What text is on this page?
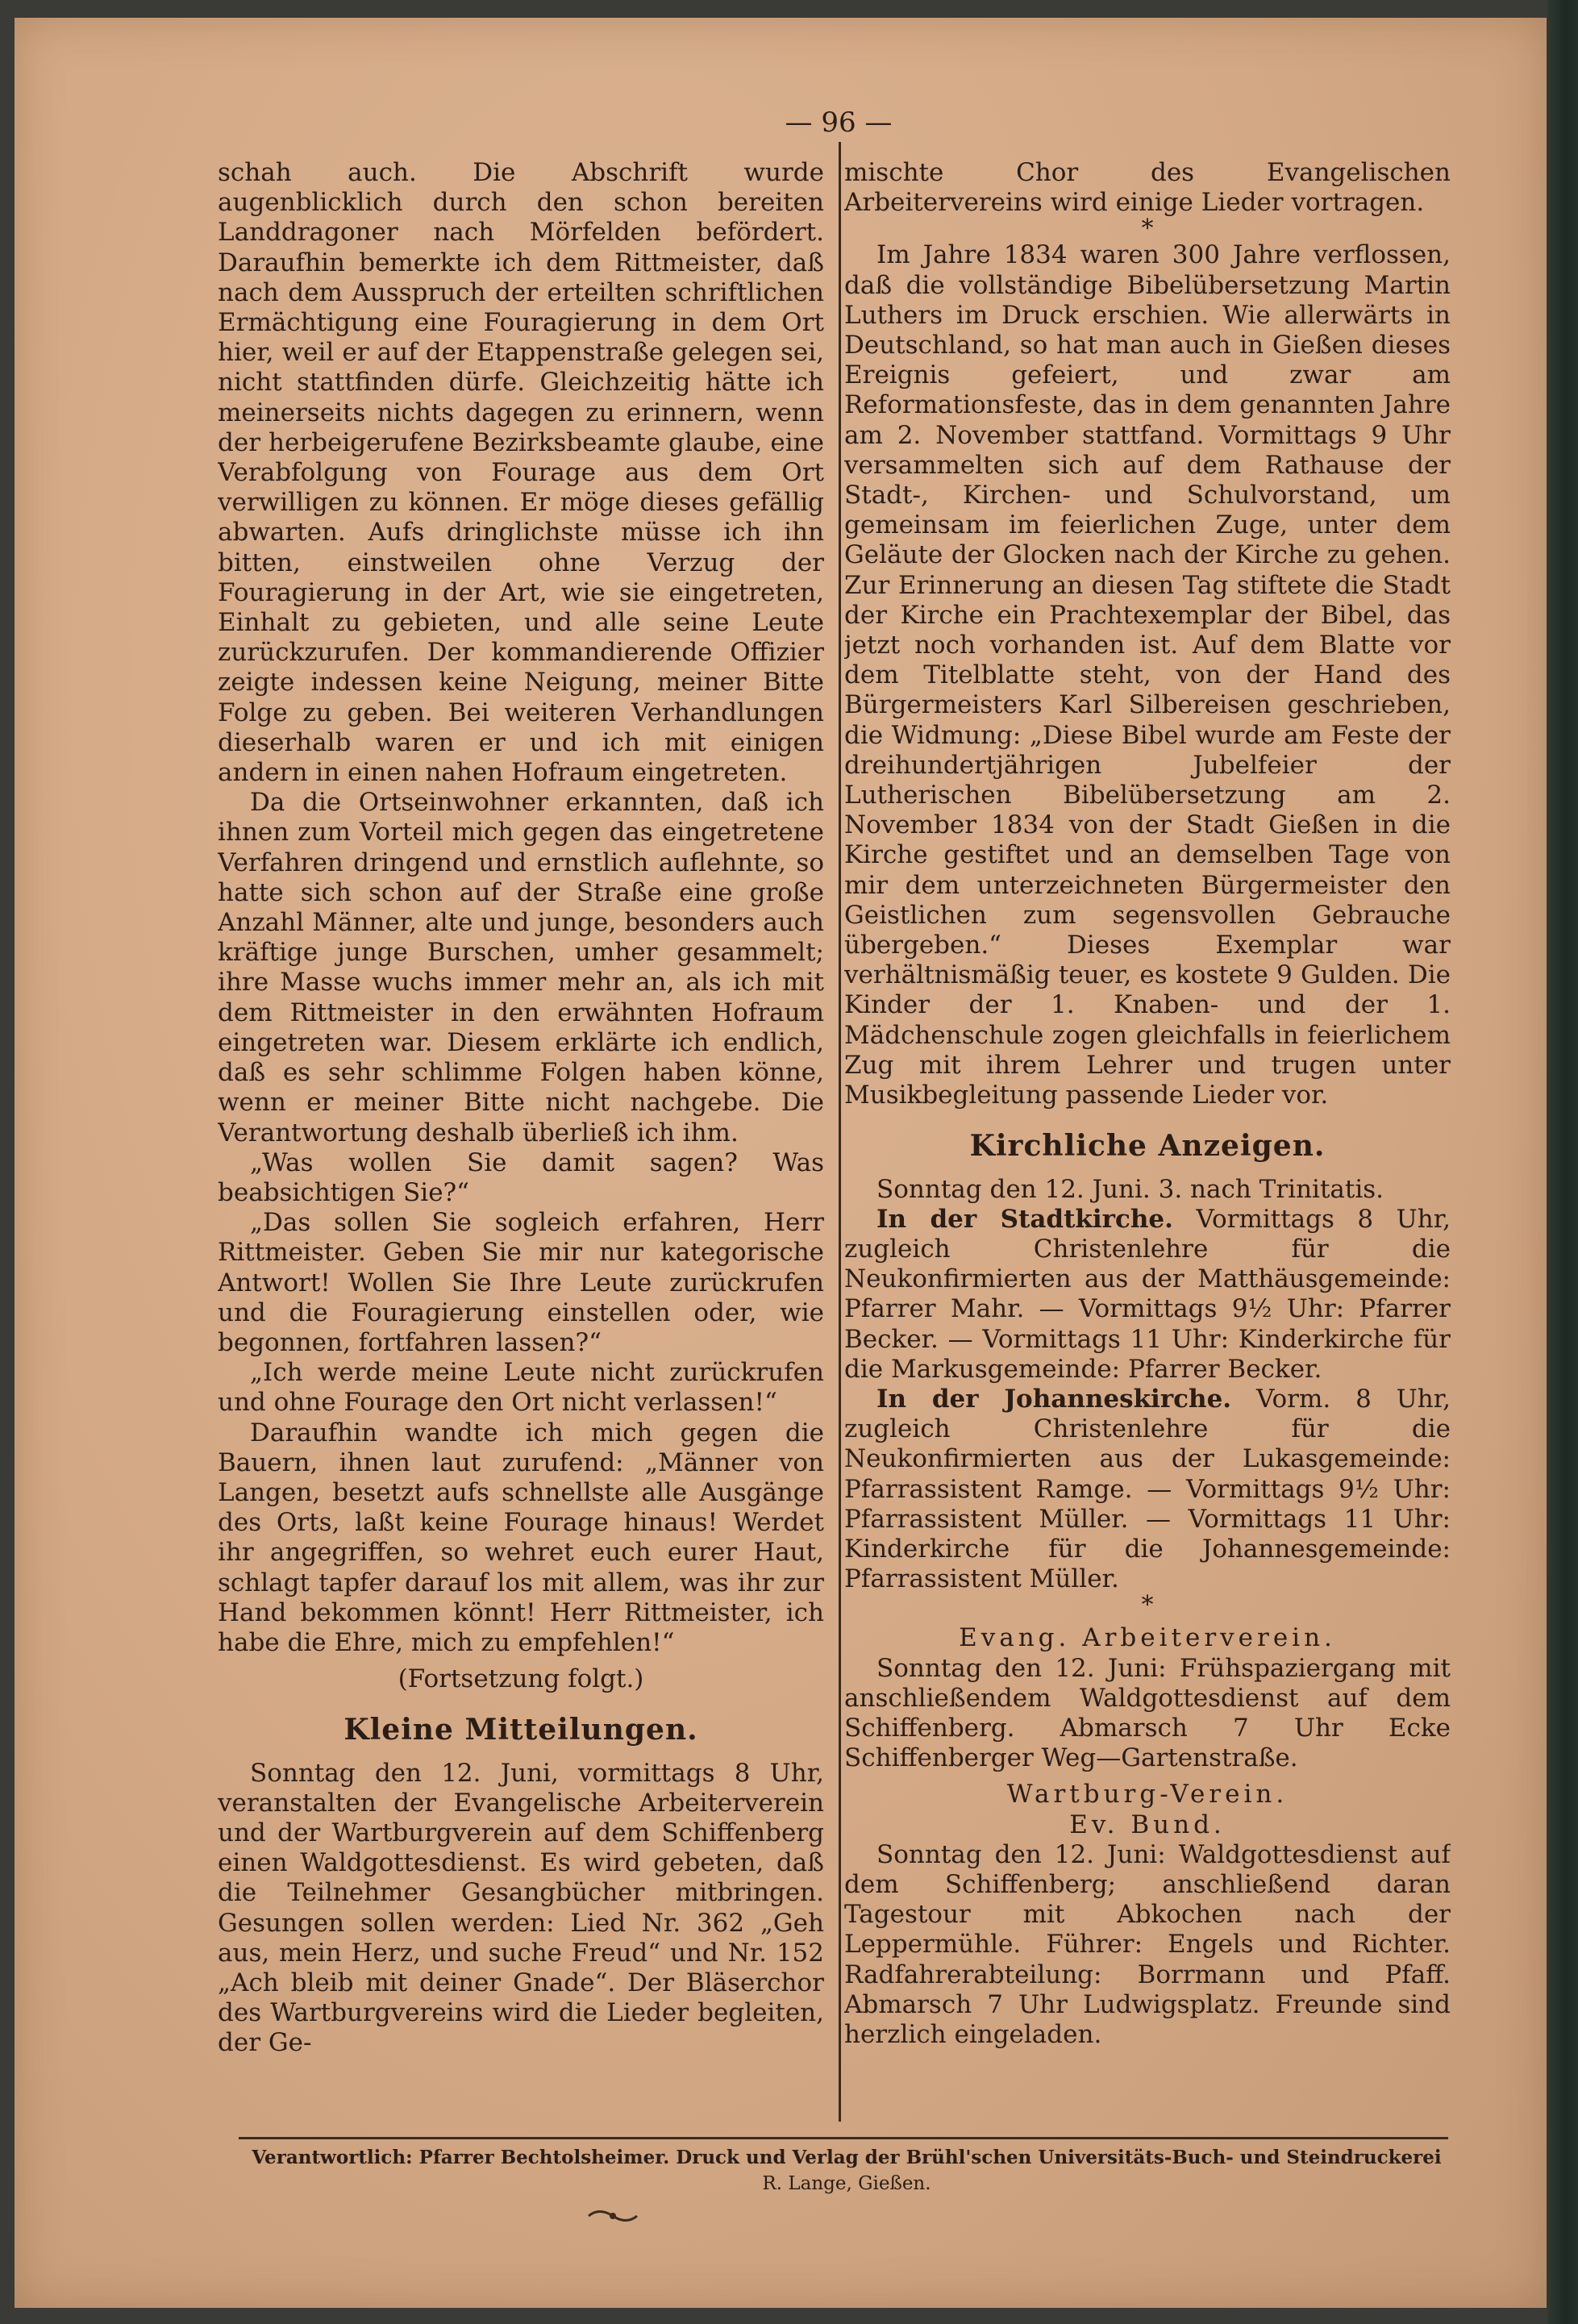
— 96 —

schah auch. Die Abschrift wurde augenblicklich durch den schon bereiten Landdragoner nach Mörfelden befördert. Daraufhin bemerkte ich dem Rittmeister, daß nach dem Ausspruch der erteilten schriftlichen Ermächtigung eine Fouragierung in dem Ort hier, weil er auf der Etappenstraße gelegen sei, nicht stattfinden dürfe. Gleichzeitig hätte ich meinerseits nichts dagegen zu erinnern, wenn der herbeigerufene Bezirksbeamte glaube, eine Verabfolgung von Fourage aus dem Ort verwilligen zu können. Er möge dieses gefällig abwarten. Aufs dringlichste müsse ich ihn bitten, einstweilen ohne Verzug der Fouragierung in der Art, wie sie eingetreten, Einhalt zu gebieten, und alle seine Leute zurückzurufen. Der kommandierende Offizier zeigte indessen keine Neigung, meiner Bitte Folge zu geben. Bei weiteren Verhandlungen dieserhalb waren er und ich mit einigen andern in einen nahen Hofraum eingetreten.

Da die Ortseinwohner erkannten, daß ich ihnen zum Vorteil mich gegen das eingetretene Verfahren dringend und ernstlich auflehnte, so hatte sich schon auf der Straße eine große Anzahl Männer, alte und junge, besonders auch kräftige junge Burschen, umher gesammelt; ihre Masse wuchs immer mehr an, als ich mit dem Rittmeister in den erwähnten Hofraum eingetreten war. Diesem erklärte ich endlich, daß es sehr schlimme Folgen haben könne, wenn er meiner Bitte nicht nachgebe. Die Verantwortung deshalb überließ ich ihm.

„Was wollen Sie damit sagen? Was beabsichtigen Sie?“

„Das sollen Sie sogleich erfahren, Herr Rittmeister. Geben Sie mir nur kategorische Antwort! Wollen Sie Ihre Leute zurückrufen und die Fouragierung einstellen oder, wie begonnen, fortfahren lassen?“

„Ich werde meine Leute nicht zurückrufen und ohne Fourage den Ort nicht verlassen!“

Daraufhin wandte ich mich gegen die Bauern, ihnen laut zurufend: „Männer von Langen, besetzt aufs schnellste alle Ausgänge des Orts, laßt keine Fourage hinaus! Werdet ihr angegriffen, so wehret euch eurer Haut, schlagt tapfer darauf los mit allem, was ihr zur Hand bekommen könnt! Herr Rittmeister, ich habe die Ehre, mich zu empfehlen!“

(Fortsetzung folgt.)

Kleine Mitteilungen.

Sonntag den 12. Juni, vormittags 8 Uhr, veranstalten der Evangelische Arbeiterverein und der Wartburgverein auf dem Schiffenberg einen Waldgottesdienst. Es wird gebeten, daß die Teilnehmer Gesangbücher mitbringen. Gesungen sollen werden: Lied Nr. 362 „Geh aus, mein Herz, und suche Freud“ und Nr. 152 „Ach bleib mit deiner Gnade“. Der Bläserchor des Wartburgvereins wird die Lieder begleiten, der Ge-

mischte Chor des Evangelischen Arbeitervereins wird einige Lieder vortragen.

*

Im Jahre 1834 waren 300 Jahre verflossen, daß die vollständige Bibelübersetzung Martin Luthers im Druck erschien. Wie allerwärts in Deutschland, so hat man auch in Gießen dieses Ereignis gefeiert, und zwar am Reformationsfeste, das in dem genannten Jahre am 2. November stattfand. Vormittags 9 Uhr versammelten sich auf dem Rathause der Stadt-, Kirchen- und Schulvorstand, um gemeinsam im feierlichen Zuge, unter dem Geläute der Glocken nach der Kirche zu gehen. Zur Erinnerung an diesen Tag stiftete die Stadt der Kirche ein Prachtexemplar der Bibel, das jetzt noch vorhanden ist. Auf dem Blatte vor dem Titelblatte steht, von der Hand des Bürgermeisters Karl Silbereisen geschrieben, die Widmung: „Diese Bibel wurde am Feste der dreihundertjährigen Jubelfeier der Lutherischen Bibelübersetzung am 2. November 1834 von der Stadt Gießen in die Kirche gestiftet und an demselben Tage von mir dem unterzeichneten Bürgermeister den Geistlichen zum segensvollen Gebrauche übergeben.“ Dieses Exemplar war verhältnismäßig teuer, es kostete 9 Gulden. Die Kinder der 1. Knaben- und der 1. Mädchenschule zogen gleichfalls in feierlichem Zug mit ihrem Lehrer und trugen unter Musikbegleitung passende Lieder vor.

Kirchliche Anzeigen.

Sonntag den 12. Juni. 3. nach Trinitatis.

In der Stadtkirche. Vormittags 8 Uhr, zugleich Christenlehre für die Neukonfirmierten aus der Matthäusgemeinde: Pfarrer Mahr. — Vormittags 9½ Uhr: Pfarrer Becker. — Vormittags 11 Uhr: Kinderkirche für die Markusgemeinde: Pfarrer Becker.

In der Johanneskirche. Vorm. 8 Uhr, zugleich Christenlehre für die Neukonfirmierten aus der Lukasgemeinde: Pfarrassistent Ramge. — Vormittags 9½ Uhr: Pfarrassistent Müller. — Vormittags 11 Uhr: Kinderkirche für die Johannesgemeinde: Pfarrassistent Müller.

*
Evang. Arbeiterverein.

Sonntag den 12. Juni: Frühspaziergang mit anschließendem Waldgottesdienst auf dem Schiffenberg. Abmarsch 7 Uhr Ecke Schiffenberger Weg—Gartenstraße.

Wartburg-Verein.
Ev. Bund.

Sonntag den 12. Juni: Waldgottesdienst auf dem Schiffenberg; anschließend daran Tagestour mit Abkochen nach der Leppermühle. Führer: Engels und Richter. Radfahrerabteilung: Borrmann und Pfaff. Abmarsch 7 Uhr Ludwigsplatz. Freunde sind herzlich eingeladen.

Verantwortlich: Pfarrer Bechtolsheimer. Druck und Verlag der Brühl'schen Universitäts-Buch- und Steindruckerei
R. Lange, Gießen.
